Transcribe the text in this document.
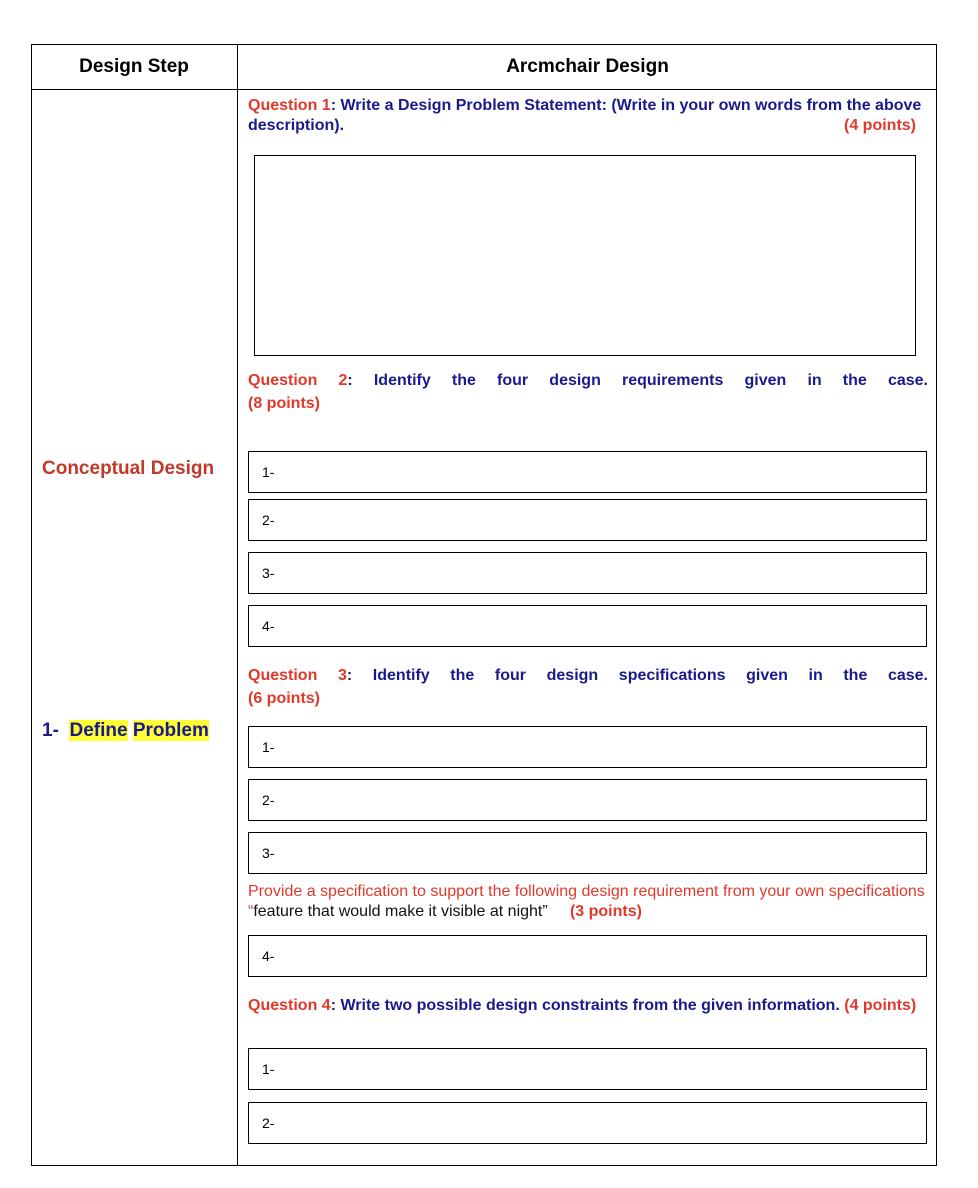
Design Step	Arcmchair Design
Conceptual Design
1- Define Problem
Question 1: Write a Design Problem Statement: (Write in your own words from the above description).	(4 points)
Question 2: Identify the four design requirements given in the case.
(8 points)
1-
2-
3-
4-
Question 3: Identify the four design specifications given in the case.
(6 points)
1-
2-
3-
Provide a specification to support the following design requirement from your own specifications “feature that would make it visible at night” (3 points)
4-
Question 4: Write two possible design constraints from the given information. (4 points)
1-
2-
